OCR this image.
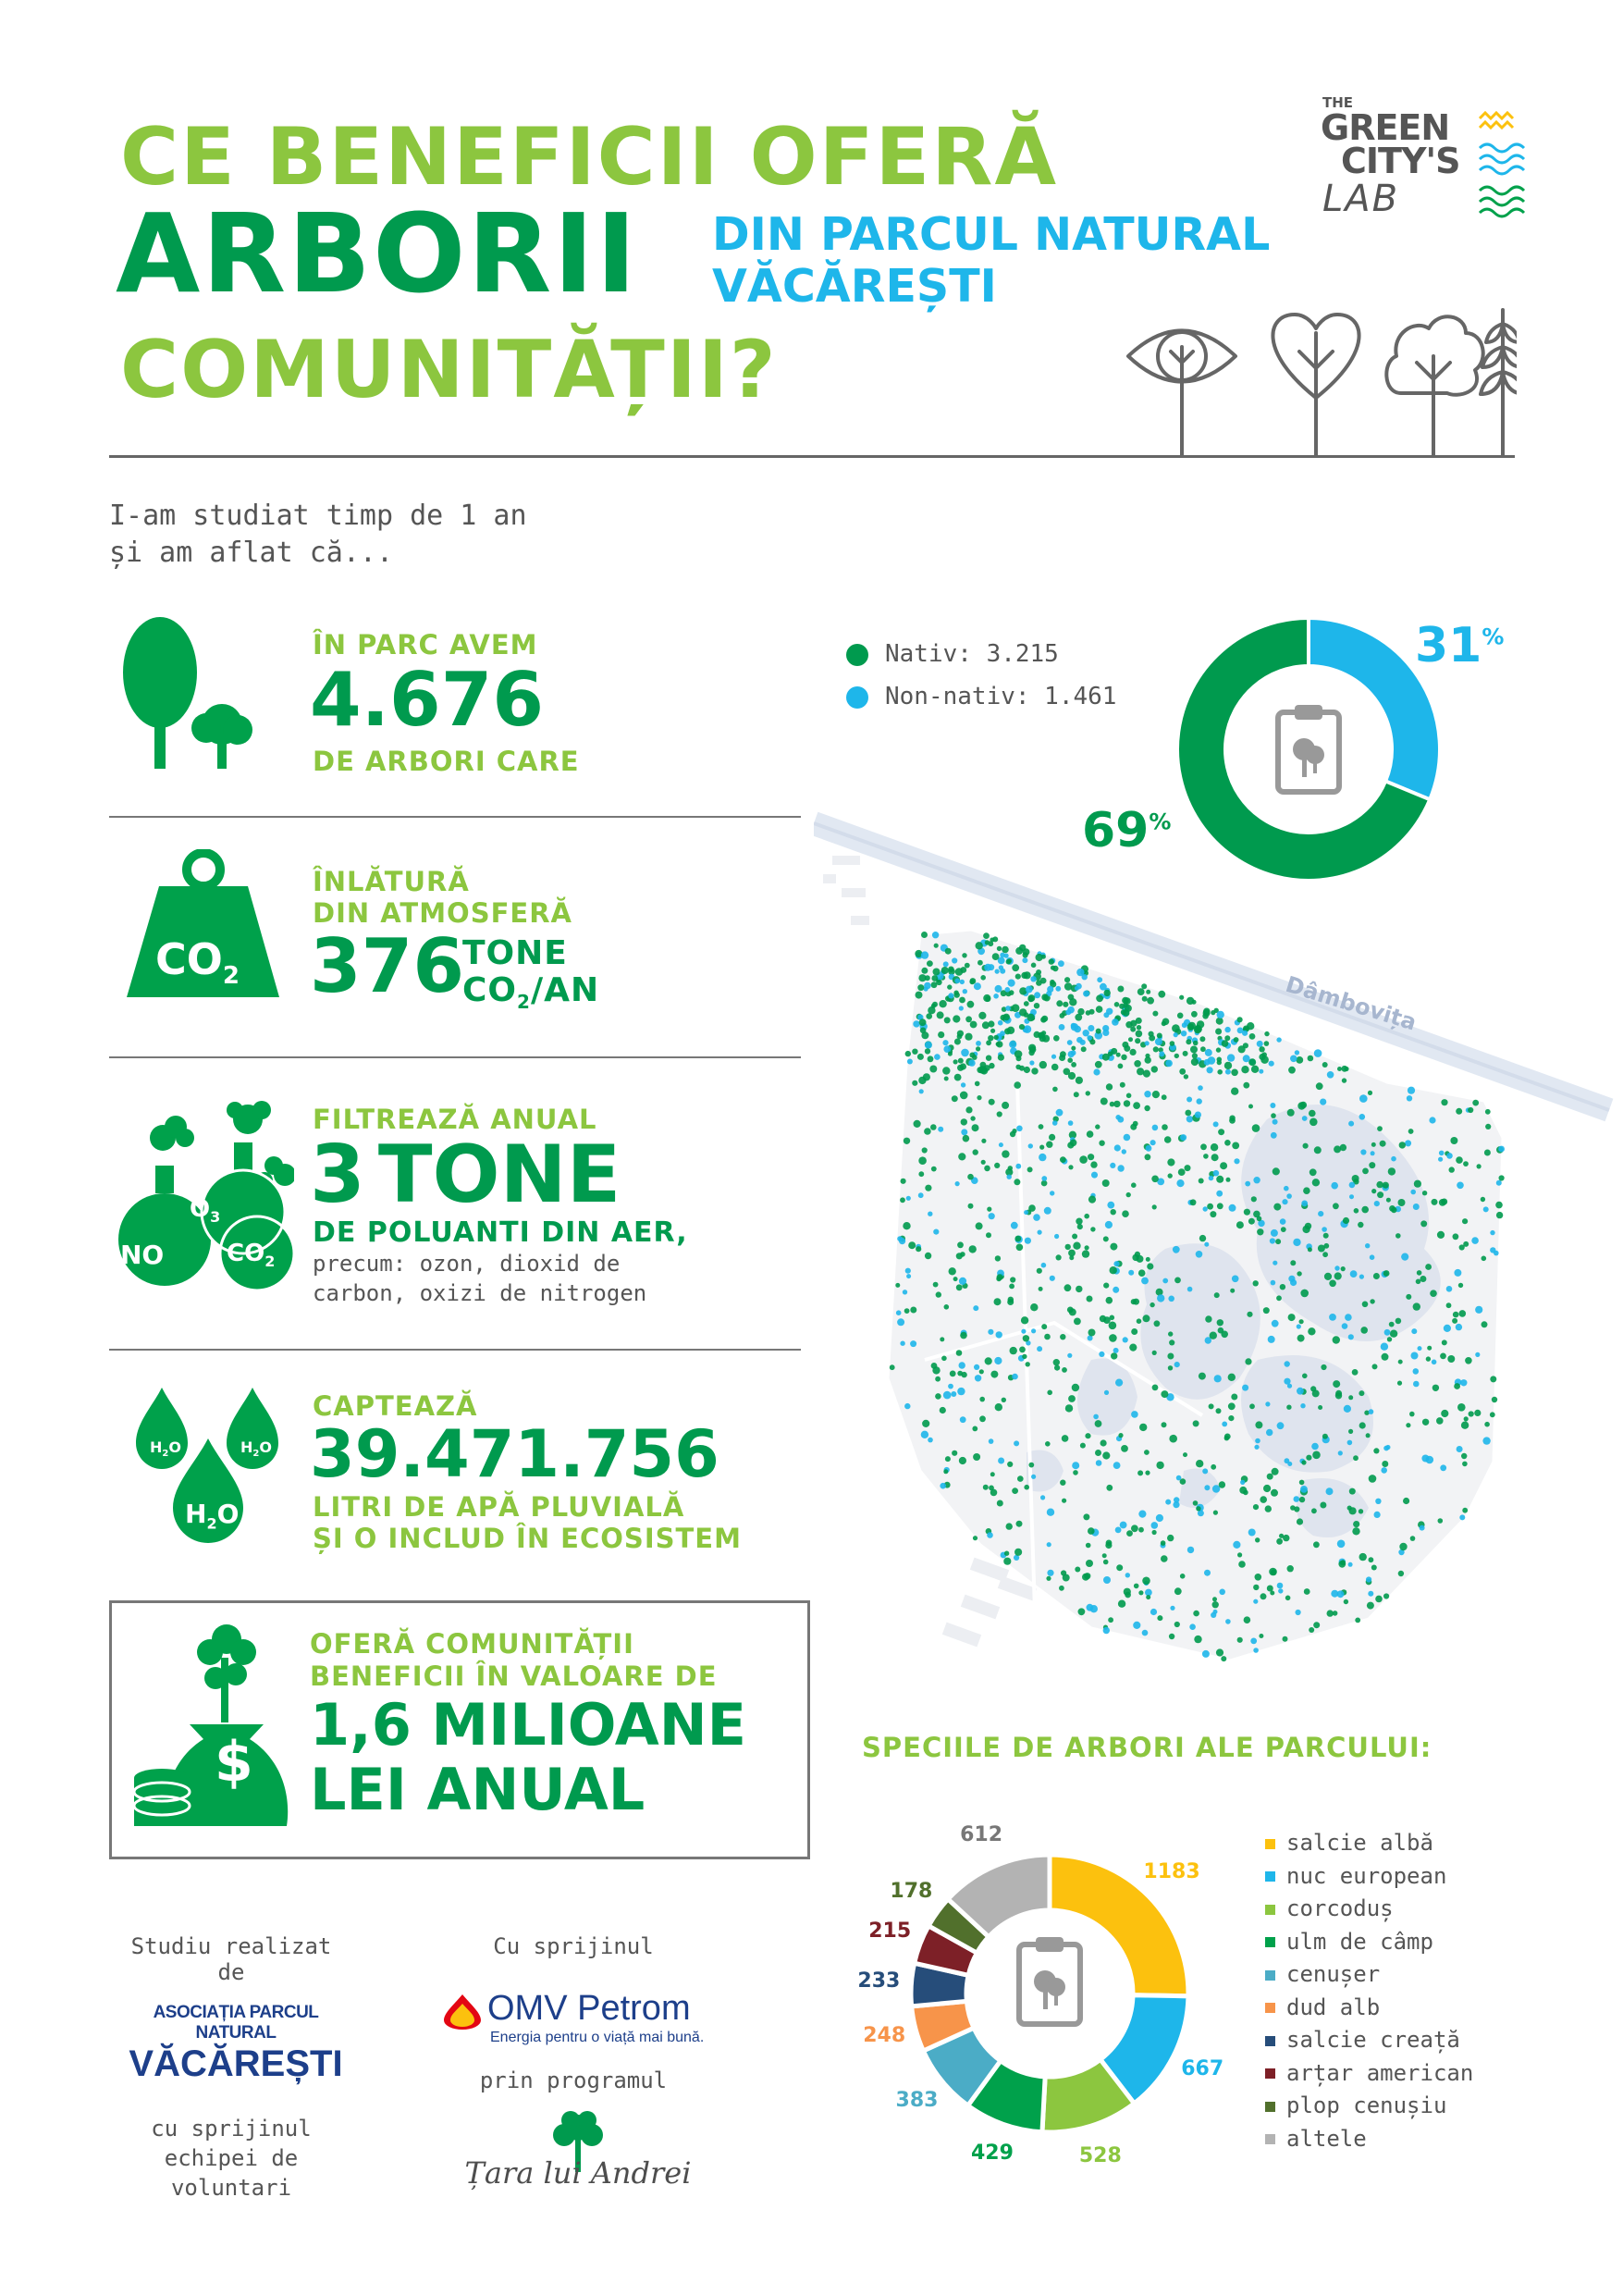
CE BENEFICII OFERĂ
ARBORII DIN PARCUL NATURAL
VĂCĂREȘTI
COMUNITĂȚII?
THE
GREEN
CITY'S
LAB
I-am studiat timp de 1 an
și am aflat că...
ÎN PARC AVEM
4.676
DE ARBORI CARE
$CO_2$
ÎNLĂTURĂ
DIN ATMOSFERĂ
376
TONE
$CO_2/AN$
NO
$O_3$
$CO_2$
FILTREAZĂ ANUAL
3 TONE
DE POLUANTI DIN AER,
precum: ozon, dioxid de
carbon, oxizi de nitrogen
$H_2O$	$H_2O$
$H_2O$
CAPTEAZĂ
39.471.756
LITRI DE APĂ PLUVIALĂ
ȘI O INCLUD ÎN ECOSISTEM
$
OFERĂ COMUNITĂȚII
BENEFICII ÎN VALOARE DE
1,6 MILIOANE
LEI ANUAL
Nativ: 3.215
Non-nativ: 1.461
31%
69%
Dâmbovița
SPECIILE DE ARBORI ALE PARCULUI:
1183
667
528
429
383
248
233
215
178
612	salcie albă
nuc european
corcoduș
ulm de câmp
cenușer
dud alb
salcie creață
arțar american
plop cenușiu
altele
Studiu realizat de
ASOCIAȚIA PARCUL NATURAL
VĂCĂREȘTI
cu sprijinul
echipei de
voluntari
Cu sprijinul
OMV Petrom
Energia pentru o viață mai bună.
prin programul
Țara lui Andrei
